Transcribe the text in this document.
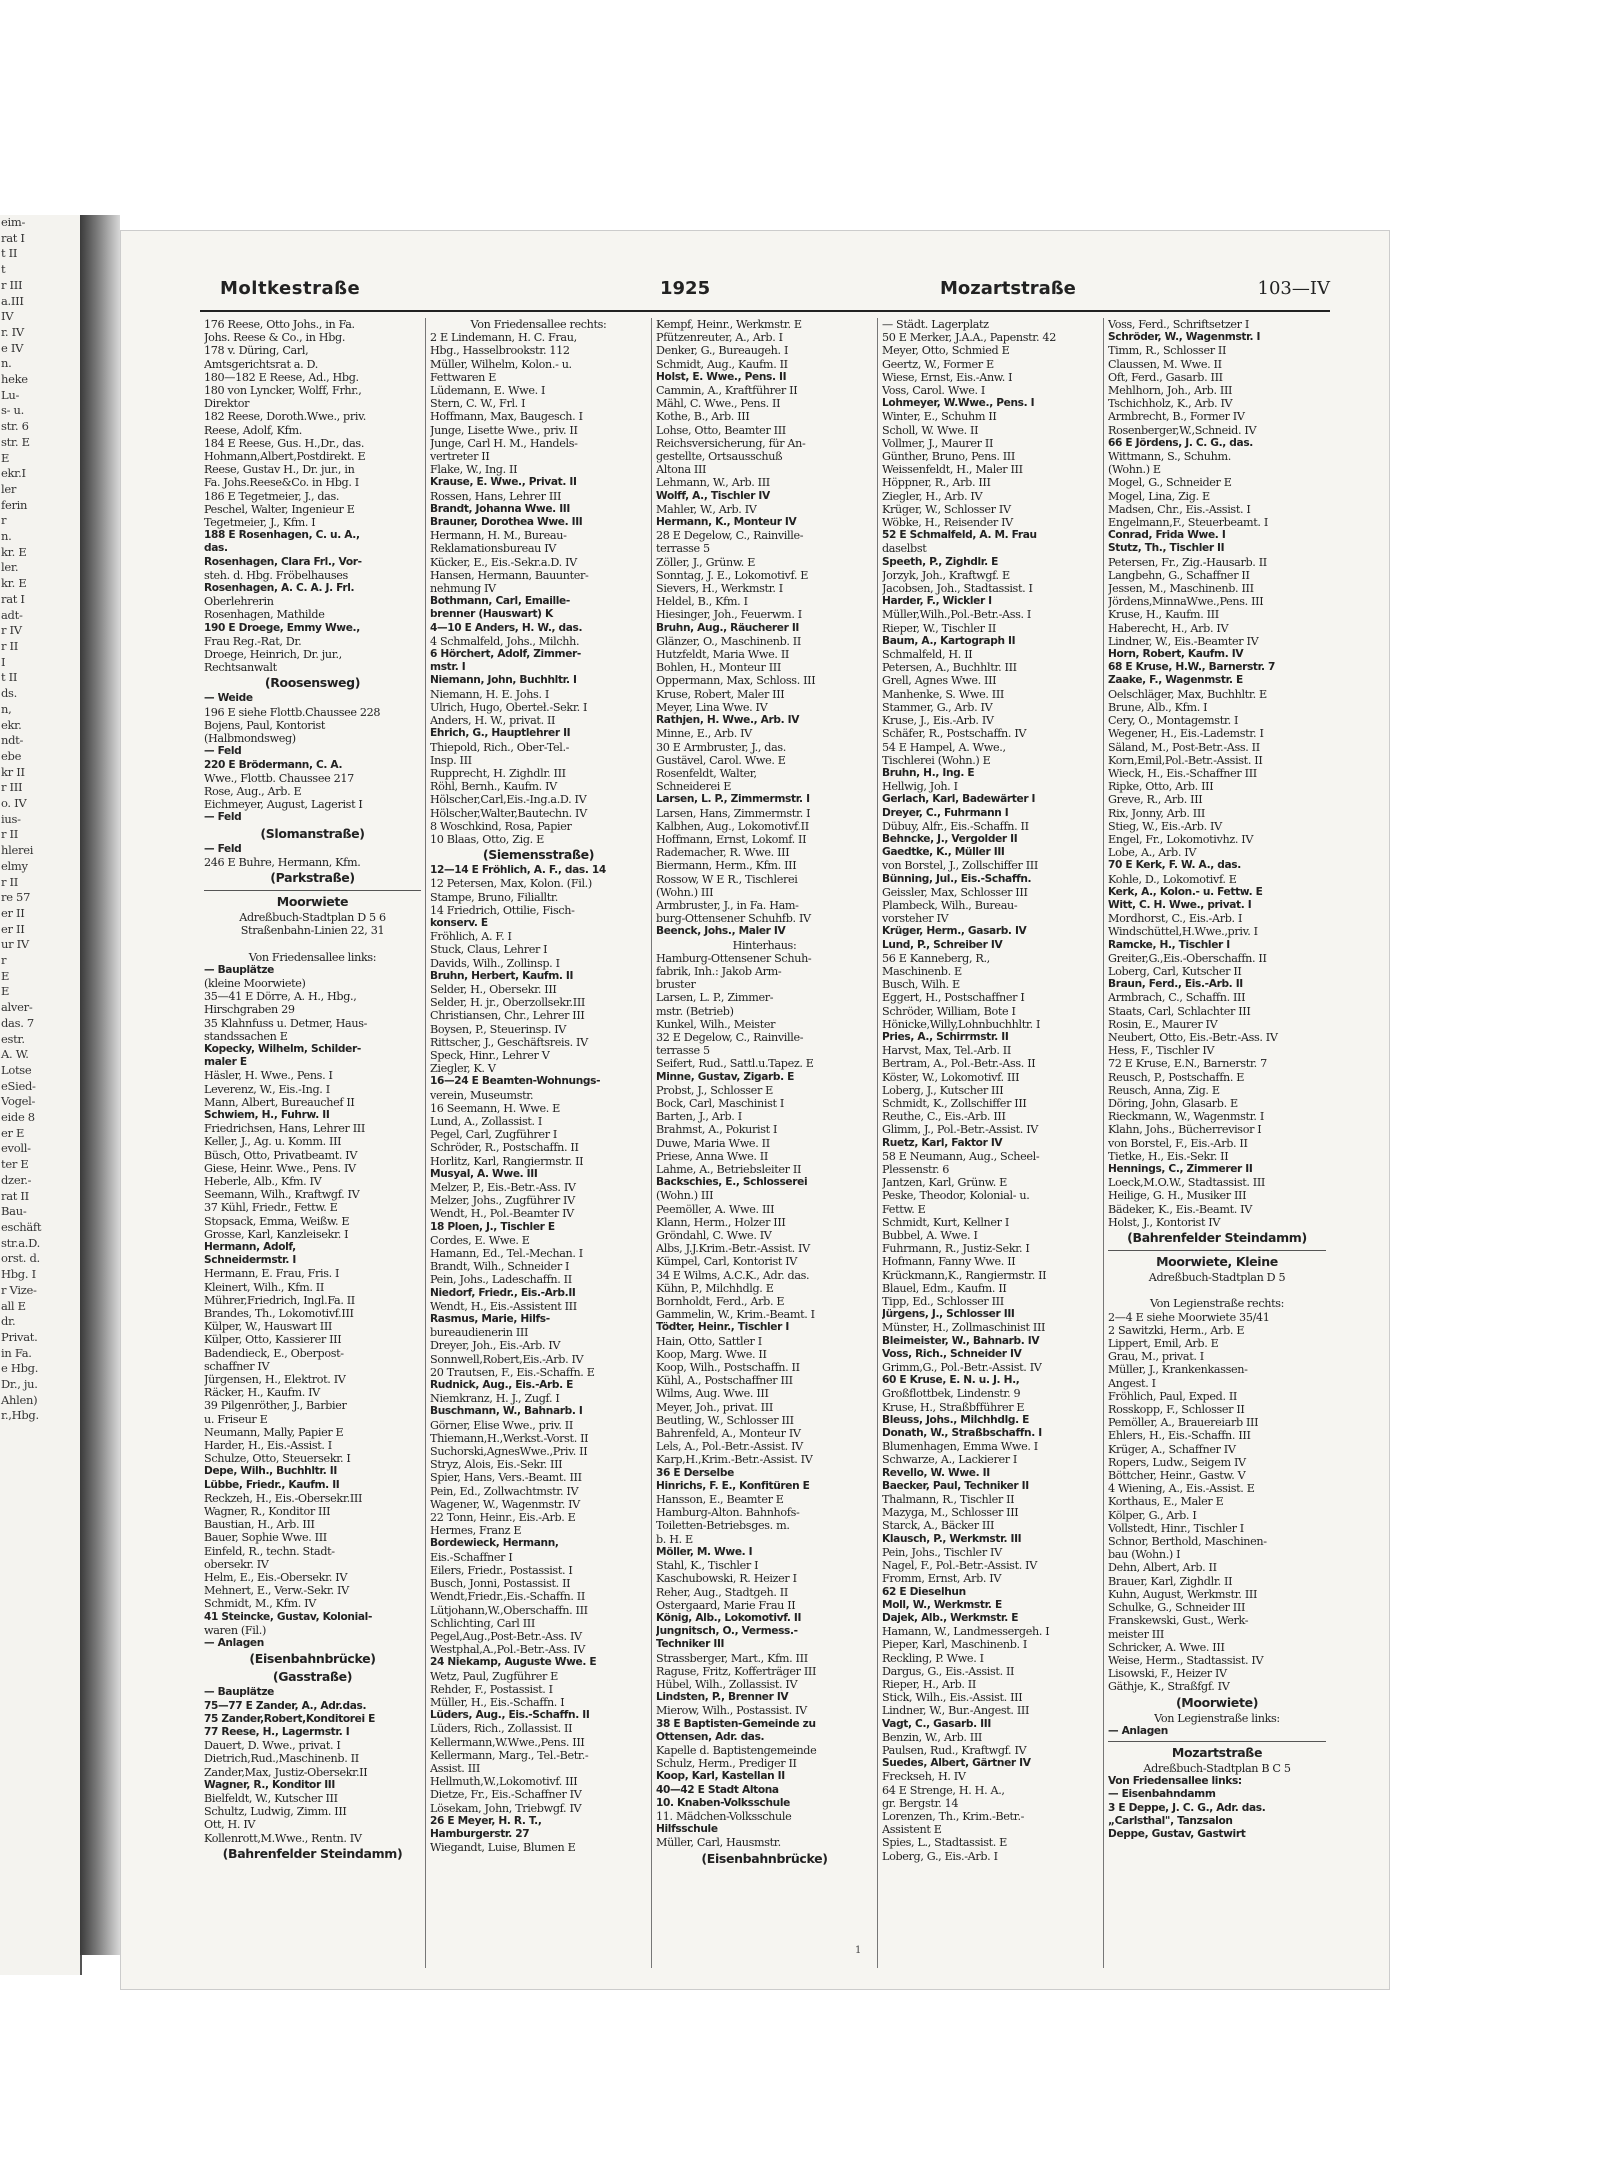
eim-
rat I
t II
t
r III
a.III
IV
r. IV
e IV
n.
heke
Lu-
s- u.
str. 6
str. E
E
ekr.I
ler
ferin
r
n.
kr. E
ler.
kr. E
rat I
adt-
r IV
r II
I
t II
ds.
n,
ekr.
ndt-
ebe
kr II
r III
o. IV
ius-
r II
hlerei
elmy
r II
re 57
er II
er II
ur IV
r
E
E
alver-
das. 7
estr.
A. W.
Lotse
eSied-
Vogel-
eide 8
er E
evoll-
ter E
dzer.-
rat II
Bau-
eschäft
str.a.D.
orst. d.
Hbg. I
r Vize-
all E
dr.
Privat.
in Fa.
e Hbg.
Dr., ju.
Ahlen)
r.,Hbg.
Moltkestraße	1925	Mozartstraße	103—IV
176 Reese, Otto Johs., in Fa.
Johs. Reese & Co., in Hbg.
178 v. Düring, Carl,
Amtsgerichtsrat a. D.
180—182 E Reese, Ad., Hbg.
180 von Lyncker, Wolff, Frhr.,
Direktor
182 Reese, Doroth.Wwe., priv.
Reese, Adolf, Kfm.
184 E Reese, Gus. H.,Dr., das.
Hohmann,Albert,Postdirekt. E
Reese, Gustav H., Dr. jur., in
Fa. Johs.Reese&Co. in Hbg. I
186 E Tegetmeier, J., das.
Peschel, Walter, Ingenieur E
Tegetmeier, J., Kfm. I
188 E Rosenhagen, C. u. A.,
das.
Rosenhagen, Clara Frl., Vor-
steh. d. Hbg. Fröbelhauses
Rosenhagen, A. C. A. J. Frl.
Oberlehrerin
Rosenhagen, Mathilde
190 E Droege, Emmy Wwe.,
Frau Reg.-Rat, Dr.
Droege, Heinrich, Dr. jur.,
Rechtsanwalt
(Roosensweg)
— Weide
196 E siehe Flottb.Chaussee 228
Bojens, Paul, Kontorist
(Halbmondsweg)
— Feld
220 E Brödermann, C. A.
Wwe., Flottb. Chaussee 217
Rose, Aug., Arb. E
Eichmeyer, August, Lagerist I
— Feld
(Slomanstraße)
— Feld
246 E Buhre, Hermann, Kfm.
(Parkstraße)
Moorwiete
Adreßbuch-Stadtplan D 5 6
Straßenbahn-Linien 22, 31

Von Friedensallee links:
— Bauplätze
(kleine Moorwiete)
35—41 E Dörre, A. H., Hbg.,
Hirschgraben 29
35 Klahnfuss u. Detmer, Haus-
standssachen E
Kopecky, Wilhelm, Schilder-
maler E
Häsler, H. Wwe., Pens. I
Leverenz, W., Eis.-Ing. I
Mann, Albert, Bureauchef II
Schwiem, H., Fuhrw. II
Friedrichsen, Hans, Lehrer III
Keller, J., Ag. u. Komm. III
Büsch, Otto, Privatbeamt. IV
Giese, Heinr. Wwe., Pens. IV
Heberle, Alb., Kfm. IV
Seemann, Wilh., Kraftwgf. IV
37 Kühl, Friedr., Fettw. E
Stopsack, Emma, Weißw. E
Grosse, Karl, Kanzleisekr. I
Hermann, Adolf,
Schneidermstr. I
Hermann, E. Frau, Fris. I
Kleinert, Wilh., Kfm. II
Mührer,Friedrich, Ingl.Fa. II
Brandes, Th., Lokomotivf.III
Külper, W., Hauswart III
Külper, Otto, Kassierer III
Badendieck, E., Oberpost-
schaffner IV
Jürgensen, H., Elektrot. IV
Räcker, H., Kaufm. IV
39 Pilgenröther, J., Barbier
u. Friseur E
Neumann, Mally, Papier E
Harder, H., Eis.-Assist. I
Schulze, Otto, Steuersekr. I
Depe, Wilh., Buchhltr. II
Lübbe, Friedr., Kaufm. II
Reckzeh, H., Eis.-Obersekr.III
Wagner, R., Konditor III
Baustian, H., Arb. III
Bauer, Sophie Wwe. III
Einfeld, R., techn. Stadt-
obersekr. IV
Helm, E., Eis.-Obersekr. IV
Mehnert, E., Verw.-Sekr. IV
Schmidt, M., Kfm. IV
41 Steincke, Gustav, Kolonial-
waren (Fil.)
— Anlagen
(Eisenbahnbrücke)
(Gasstraße)
— Bauplätze
75—77 E Zander, A., Adr.das.
75 Zander,Robert,Konditorei E
77 Reese, H., Lagermstr. I
Dauert, D. Wwe., privat. I
Dietrich,Rud.,Maschinenb. II
Zander,Max, Justiz-Obersekr.II
Wagner, R., Konditor III
Bielfeldt, W., Kutscher III
Schultz, Ludwig, Zimm. III
Ott, H. IV
Kollenrott,M.Wwe., Rentn. IV
(Bahrenfelder Steindamm)
Von Friedensallee rechts:
2 E Lindemann, H. C. Frau,
Hbg., Hasselbrookstr. 112
Müller, Wilhelm, Kolon.- u.
Fettwaren E
Lüdemann, E. Wwe. I
Stern, C. W., Frl. I
Hoffmann, Max, Baugesch. I
Junge, Lisette Wwe., priv. II
Junge, Carl H. M., Handels-
vertreter II
Flake, W., Ing. II
Krause, E. Wwe., Privat. II
Rossen, Hans, Lehrer III
Brandt, Johanna Wwe. III
Brauner, Dorothea Wwe. III
Hermann, H. M., Bureau-
Reklamationsbureau IV
Kücker, E., Eis.-Sekr.a.D. IV
Hansen, Hermann, Bauunter-
nehmung IV
Bothmann, Carl, Emaille-
brenner (Hauswart) K
4—10 E Anders, H. W., das.
4 Schmalfeld, Johs., Milchh.
6 Hörchert, Adolf, Zimmer-
mstr. I
Niemann, John, Buchhltr. I
Niemann, H. E. Johs. I
Ulrich, Hugo, Oberteł.-Sekr. I
Anders, H. W., privat. II
Ehrich, G., Hauptlehrer II
Thiepold, Rich., Ober-Tel.-
Insp. III
Rupprecht, H. Zighdlr. III
Röhl, Bernh., Kaufm. IV
Hölscher,Carl,Eis.-Ing.a.D. IV
Hölscher,Walter,Bautechn. IV
8 Woschkind, Rosa, Papier
10 Blaas, Otto, Zig. E
(Siemensstraße)
12—14 E Fröhlich, A. F., das. 14
12 Petersen, Max, Kolon. (Fil.)
Stampe, Bruno, Filialltr.
14 Friedrich, Ottilie, Fisch-
konserv. E
Fröhlich, A. F. I
Stuck, Claus, Lehrer I
Davids, Wilh., Zollinsp. I
Bruhn, Herbert, Kaufm. II
Selder, H., Obersekr. III
Selder, H. jr., Oberzollsekr.III
Christiansen, Chr., Lehrer III
Boysen, P., Steuerinsp. IV
Rittscher, J., Geschäftsreis. IV
Speck, Hinr., Lehrer V
Ziegler, K. V
16—24 E Beamten-Wohnungs-
verein, Museumstr.
16 Seemann, H. Wwe. E
Lund, A., Zollassist. I
Pegel, Carl, Zugführer I
Schröder, R., Postschaffn. II
Horlitz, Karl, Rangiermstr. II
Musyal, A. Wwe. III
Melzer, P., Eis.-Betr.-Ass. IV
Melzer, Johs., Zugführer IV
Wendt, H., Pol.-Beamter IV
18 Ploen, J., Tischler E
Cordes, E. Wwe. E
Hamann, Ed., Tel.-Mechan. I
Brandt, Wilh., Schneider I
Pein, Johs., Ladeschaffn. II
Niedorf, Friedr., Eis.-Arb.II
Wendt, H., Eis.-Assistent III
Rasmus, Marie, Hilfs-
bureaudienerin III
Dreyer, Joh., Eis.-Arb. IV
Sonnwell,Robert,Eis.-Arb. IV
20 Trautsen, F., Eis.-Schaffn. E
Rudnick, Aug., Eis.-Arb. E
Niemkranz, H. J., Zugf. I
Buschmann, W., Bahnarb. I
Görner, Elise Wwe., priv. II
Thiemann,H.,Werkst.-Vorst. II
Suchorski,AgnesWwe.,Priv. II
Stryz, Alois, Eis.-Sekr. III
Spier, Hans, Vers.-Beamt. III
Pein, Ed., Zollwachtmstr. IV
Wagener, W., Wagenmstr. IV
22 Tonn, Heinr., Eis.-Arb. E
Hermes, Franz E
Bordewieck, Hermann,
Eis.-Schaffner I
Eilers, Friedr., Postassist. I
Busch, Jonni, Postassist. II
Wendt,Friedr.,Eis.-Schaffn. II
Lütjohann,W.,Oberschaffn. III
Schlichting, Carl III
Pegel,Aug.,Post-Betr.-Ass. IV
Westphal,A.,Pol.-Betr.-Ass. IV
24 Niekamp, Auguste Wwe. E
Wetz, Paul, Zugführer E
Rehder, F., Postassist. I
Müller, H., Eis.-Schaffn. I
Lüders, Aug., Eis.-Schaffn. II
Lüders, Rich., Zollassist. II
Kellermann,W.Wwe.,Pens. III
Kellermann, Marg., Tel.-Betr.-
Assist. III
Hellmuth,W.,Lokomotivf. III
Dietze, Fr., Eis.-Schaffner IV
Lösekam, John, Triebwgf. IV
26 E Meyer, H. R. T.,
Hamburgerstr. 27
Wiegandt, Luise, Blumen E
Kempf, Heinr., Werkmstr. E
Pfützenreuter, A., Arb. I
Denker, G., Bureaugeh. I
Schmidt, Aug., Kaufm. II
Holst, E. Wwe., Pens. II
Cammin, A., Kraftführer II
Mähl, C. Wwe., Pens. II
Kothe, B., Arb. III
Lohse, Otto, Beamter III
Reichsversicherung, für An-
gestellte, Ortsausschuß
Altona III
Lehmann, W., Arb. III
Wolff, A., Tischler IV
Mahler, W., Arb. IV
Hermann, K., Monteur IV
28 E Degelow, C., Rainville-
terrasse 5
Zöller, J., Grünw. E
Sonntag, J. E., Lokomotivf. E
Sievers, H., Werkmstr. I
Heldel, B., Kfm. I
Hiesinger, Joh., Feuerwm. I
Bruhn, Aug., Räucherer II
Glänzer, O., Maschinenb. II
Hutzfeldt, Maria Wwe. II
Bohlen, H., Monteur III
Oppermann, Max, Schloss. III
Kruse, Robert, Maler III
Meyer, Lina Wwe. IV
Rathjen, H. Wwe., Arb. IV
Minne, E., Arb. IV
30 E Armbruster, J., das.
Gustävel, Carol. Wwe. E
Rosenfeldt, Walter,
Schneiderei E
Larsen, L. P., Zimmermstr. I
Larsen, Hans, Zimmermstr. I
Kalbhen, Aug., Lokomotivf.II
Hoffmann, Ernst, Lokomf. II
Rademacher, R. Wwe. III
Biermann, Herm., Kfm. III
Rossow, W E R., Tischlerei
(Wohn.) III
Armbruster, J., in Fa. Ham-
burg-Ottensener Schuhfb. IV
Beenck, Johs., Maler IV
Hinterhaus:
Hamburg-Ottensener Schuh-
fabrik, Inh.: Jakob Arm-
bruster
Larsen, L. P., Zimmer-
mstr. (Betrieb)
Kunkel, Wilh., Meister
32 E Degelow, C., Rainville-
terrasse 5
Seifert, Rud., Sattl.u.Tapez. E
Minne, Gustav, Zigarb. E
Probst, J., Schlosser E
Bock, Carl, Maschinist I
Barten, J., Arb. I
Brahmst, A., Pokurist I
Duwe, Maria Wwe. II
Priese, Anna Wwe. II
Lahme, A., Betriebsleiter II
Backschies, E., Schlosserei
(Wohn.) III
Peemöller, A. Wwe. III
Klann, Herm., Holzer III
Gröndahl, C. Wwe. IV
Albs, J.J.Krim.-Betr.-Assist. IV
Kümpel, Carl, Kontorist IV
34 E Wilms, A.C.K., Adr. das.
Kühn, P., Milchhdlg. E
Bornholdt, Ferd., Arb. E
Gammelin, W., Krim.-Beamt. I
Tödter, Heinr., Tischler I
Hain, Otto, Sattler I
Koop, Marg. Wwe. II
Koop, Wilh., Postschaffn. II
Kühl, A., Postschaffner III
Wilms, Aug. Wwe. III
Meyer, Joh., privat. III
Beutling, W., Schlosser III
Bahrenfeld, A., Monteur IV
Lels, A., Pol.-Betr.-Assist. IV
Karp,H.,Krim.-Betr.-Assist. IV
36 E Derselbe
Hinrichs, F. E., Konfitüren E
Hansson, E., Beamter E
Hamburg-Alton. Bahnhofs-
Toiletten-Betriebsges. m.
b. H. E
Möller, M. Wwe. I
Stahl, K., Tischler I
Kaschubowski, R. Heizer I
Reher, Aug., Stadtgeh. II
Ostergaard, Marie Frau II
König, Alb., Lokomotivf. II
Jungnitsch, O., Vermess.-
Techniker III
Strassberger, Mart., Kfm. III
Raguse, Fritz, Kofferträger III
Hübel, Wilh., Zollassist. IV
Lindsten, P., Brenner IV
Mierow, Wilh., Postassist. IV
38 E Baptisten-Gemeinde zu
Ottensen, Adr. das.
Kapelle d. Baptistengemeinde
Schulz, Herm., Prediger II
Koop, Karl, Kastellan II
40—42 E Stadt Altona
10. Knaben-Volksschule
11. Mädchen-Volksschule
Hilfsschule
Müller, Carl, Hausmstr.
(Eisenbahnbrücke)
— Städt. Lagerplatz
50 E Merker, J.A.A., Papenstr. 42
Meyer, Otto, Schmied E
Geertz, W., Former E
Wiese, Ernst, Eis.-Anw. I
Voss, Carol. Wwe. I
Lohmeyer, W.Wwe., Pens. I
Winter, E., Schuhm II
Scholl, W. Wwe. II
Vollmer, J., Maurer II
Günther, Bruno, Pens. III
Weissenfeldt, H., Maler III
Höppner, R., Arb. III
Ziegler, H., Arb. IV
Krüger, W., Schlosser IV
Wöbke, H., Reisender IV
52 E Schmalfeld, A. M. Frau
daselbst
Speeth, P., Zighdlr. E
Jorzyk, Joh., Kraftwgf. E
Jacobsen, Joh., Stadtassist. I
Harder, F., Wickler I
Müller,Wilh.,Pol.-Betr.-Ass. I
Rieper, W., Tischler II
Baum, A., Kartograph II
Schmalfeld, H. II
Petersen, A., Buchhltr. III
Grell, Agnes Wwe. III
Manhenke, S. Wwe. III
Stammer, G., Arb. IV
Kruse, J., Eis.-Arb. IV
Schäfer, R., Postschaffn. IV
54 E Hampel, A. Wwe.,
Tischlerei (Wohn.) E
Bruhn, H., Ing. E
Hellwig, Joh. I
Gerlach, Karl, Badewärter I
Dreyer, C., Fuhrmann I
Dübuy, Alfr., Eis.-Schaffn. II
Behncke, J., Vergolder II
Gaedtke, K., Müller III
von Borstel, J., Zollschiffer III
Bünning, Jul., Eis.-Schaffn.
Geissler, Max, Schlosser III
Plambeck, Wilh., Bureau-
vorsteher IV
Krüger, Herm., Gasarb. IV
Lund, P., Schreiber IV
56 E Kanneberg, R.,
Maschinenb. E
Busch, Wilh. E
Eggert, H., Postschaffner I
Schröder, William, Bote I
Hönicke,Willy,Lohnbuchhltr. I
Pries, A., Schirrmstr. II
Harvst, Max, Tel.-Arb. II
Bertram, A., Pol.-Betr.-Ass. II
Köster, W., Lokomotivf. III
Loberg, J., Kutscher III
Schmidt, K., Zollschiffer III
Reuthe, C., Eis.-Arb. III
Glimm, J., Pol.-Betr.-Assist. IV
Ruetz, Karl, Faktor IV
58 E Neumann, Aug., Scheel-
Plessenstr. 6
Jantzen, Karl, Grünw. E
Peske, Theodor, Kolonial- u.
Fettw. E
Schmidt, Kurt, Kellner I
Bubbel, A. Wwe. I
Fuhrmann, R., Justiz-Sekr. I
Hofmann, Fanny Wwe. II
Krückmann,K., Rangiermstr. II
Blauel, Edm., Kaufm. II
Tipp, Ed., Schlosser III
Jürgens, J., Schlosser III
Münster, H., Zollmaschinist III
Bleimeister, W., Bahnarb. IV
Voss, Rich., Schneider IV
Grimm,G., Pol.-Betr.-Assist. IV
60 E Kruse, E. N. u. J. H.,
Großflottbek, Lindenstr. 9
Kruse, H., Straßbfführer E
Bleuss, Johs., Milchhdlg. E
Donath, W., Straßbschaffn. I
Blumenhagen, Emma Wwe. I
Schwarze, A., Lackierer I
Revello, W. Wwe. II
Baecker, Paul, Techniker II
Thalmann, R., Tischler II
Mazyga, M., Schlosser III
Starck, A., Bäcker III
Klausch, P., Werkmstr. III
Pein, Johs., Tischler IV
Nagel, F., Pol.-Betr.-Assist. IV
Fromm, Ernst, Arb. IV
62 E Dieselhun
Moll, W., Werkmstr. E
Dajek, Alb., Werkmstr. E
Hamann, W., Landmessergeh. I
Pieper, Karl, Maschinenb. I
Reckling, P. Wwe. I
Dargus, G., Eis.-Assist. II
Rieper, H., Arb. II
Stick, Wilh., Eis.-Assist. III
Lindner, W., Bur.-Angest. III
Vagt, C., Gasarb. III
Benzin, W., Arb. III
Paulsen, Rud., Kraftwgf. IV
Suedes, Albert, Gärtner IV
Freckseh, H. IV
64 E Strenge, H. H. A.,
gr. Bergstr. 14
Lorenzen, Th., Krim.-Betr.-
Assistent E
Spies, L., Stadtassist. E
Loberg, G., Eis.-Arb. I
Voss, Ferd., Schriftsetzer I
Schröder, W., Wagenmstr. I
Timm, R., Schlosser II
Claussen, M. Wwe. II
Oft, Ferd., Gasarb. III
Mehlhorn, Joh., Arb. III
Tschichholz, K., Arb. IV
Armbrecht, B., Former IV
Rosenberger,W.,Schneid. IV
66 E Jördens, J. C. G., das.
Wittmann, S., Schuhm.
(Wohn.) E
Mogel, G., Schneider E
Mogel, Lina, Zig. E
Madsen, Chr., Eis.-Assist. I
Engelmann,F., Steuerbeamt. I
Conrad, Frida Wwe. I
Stutz, Th., Tischler II
Petersen, Fr., Zig.-Hausarb. II
Langbehn, G., Schaffner II
Jessen, M., Maschinenb. III
Jördens,MinnaWwe.,Pens. III
Kruse, H., Kaufm. III
Haberecht, H., Arb. IV
Lindner, W., Eis.-Beamter IV
Horn, Robert, Kaufm. IV
68 E Kruse, H.W., Barnerstr. 7
Zaake, F., Wagenmstr. E
Oelschläger, Max, Buchhltr. E
Brune, Alb., Kfm. I
Cery, O., Montagemstr. I
Wegener, H., Eis.-Lademstr. I
Säland, M., Post-Betr.-Ass. II
Korn,Emil,Pol.-Betr.-Assist. II
Wieck, H., Eis.-Schaffner III
Ripke, Otto, Arb. III
Greve, R., Arb. III
Rix, Jonny, Arb. III
Stieg, W., Eis.-Arb. IV
Engel, Fr., Lokomotivhz. IV
Lobe, A., Arb. IV
70 E Kerk, F. W. A., das.
Kohle, D., Lokomotivf. E
Kerk, A., Kolon.- u. Fettw. E
Witt, C. H. Wwe., privat. I
Mordhorst, C., Eis.-Arb. I
Windschüttel,H.Wwe.,priv. I
Ramcke, H., Tischler I
Greiter,G.,Eis.-Oberschaffn. II
Loberg, Carl, Kutscher II
Braun, Ferd., Eis.-Arb. II
Armbrach, C., Schaffn. III
Staats, Carl, Schlachter III
Rosin, E., Maurer IV
Neubert, Otto, Eis.-Betr.-Ass. IV
Hess, F., Tischler IV
72 E Kruse, E.N., Barnerstr. 7
Reusch, P., Postschaffn. E
Reusch, Anna, Zig. E
Döring, John, Glasarb. E
Rieckmann, W., Wagenmstr. I
Klahn, Johs., Bücherrevisor I
von Borstel, F., Eis.-Arb. II
Tietke, H., Eis.-Sekr. II
Hennings, C., Zimmerer II
Loeck,M.O.W., Stadtassist. III
Heilige, G. H., Musiker III
Bädeker, K., Eis.-Beamt. IV
Holst, J., Kontorist IV
(Bahrenfelder Steindamm)
Moorwiete, Kleine
Adreßbuch-Stadtplan D 5

Von Legienstraße rechts:
2—4 E siehe Moorwiete 35/41
2 Sawitzki, Herm., Arb. E
Lippert, Emil, Arb. E
Grau, M., privat. I
Müller, J., Krankenkassen-
Angest. I
Fröhlich, Paul, Exped. II
Rosskopp, F., Schlosser II
Pemöller, A., Brauereiarb III
Ehlers, H., Eis.-Schaffn. III
Krüger, A., Schaffner IV
Ropers, Ludw., Seigem IV
Böttcher, Heinr., Gastw. V
4 Wiening, A., Eis.-Assist. E
Korthaus, E., Maler E
Kölper, G., Arb. I
Vollstedt, Hinr., Tischler I
Schnor, Berthold, Maschinen-
bau (Wohn.) I
Dehn, Albert, Arb. II
Brauer, Karl, Zighdlr. II
Kuhn, August, Werkmstr. III
Schulke, G., Schneider III
Franskewski, Gust., Werk-
meister III
Schricker, A. Wwe. III
Weise, Herm., Stadtassist. IV
Lisowski, F., Heizer IV
Gäthje, K., Straßfgf. IV
(Moorwiete)
Von Legienstraße links:
— Anlagen
Mozartstraße
Adreßbuch-Stadtplan B C 5
Von Friedensallee links:
— Eisenbahndamm
3 E Deppe, J. C. G., Adr. das.
„Carlsthal", Tanzsalon
Deppe, Gustav, Gastwirt
1
